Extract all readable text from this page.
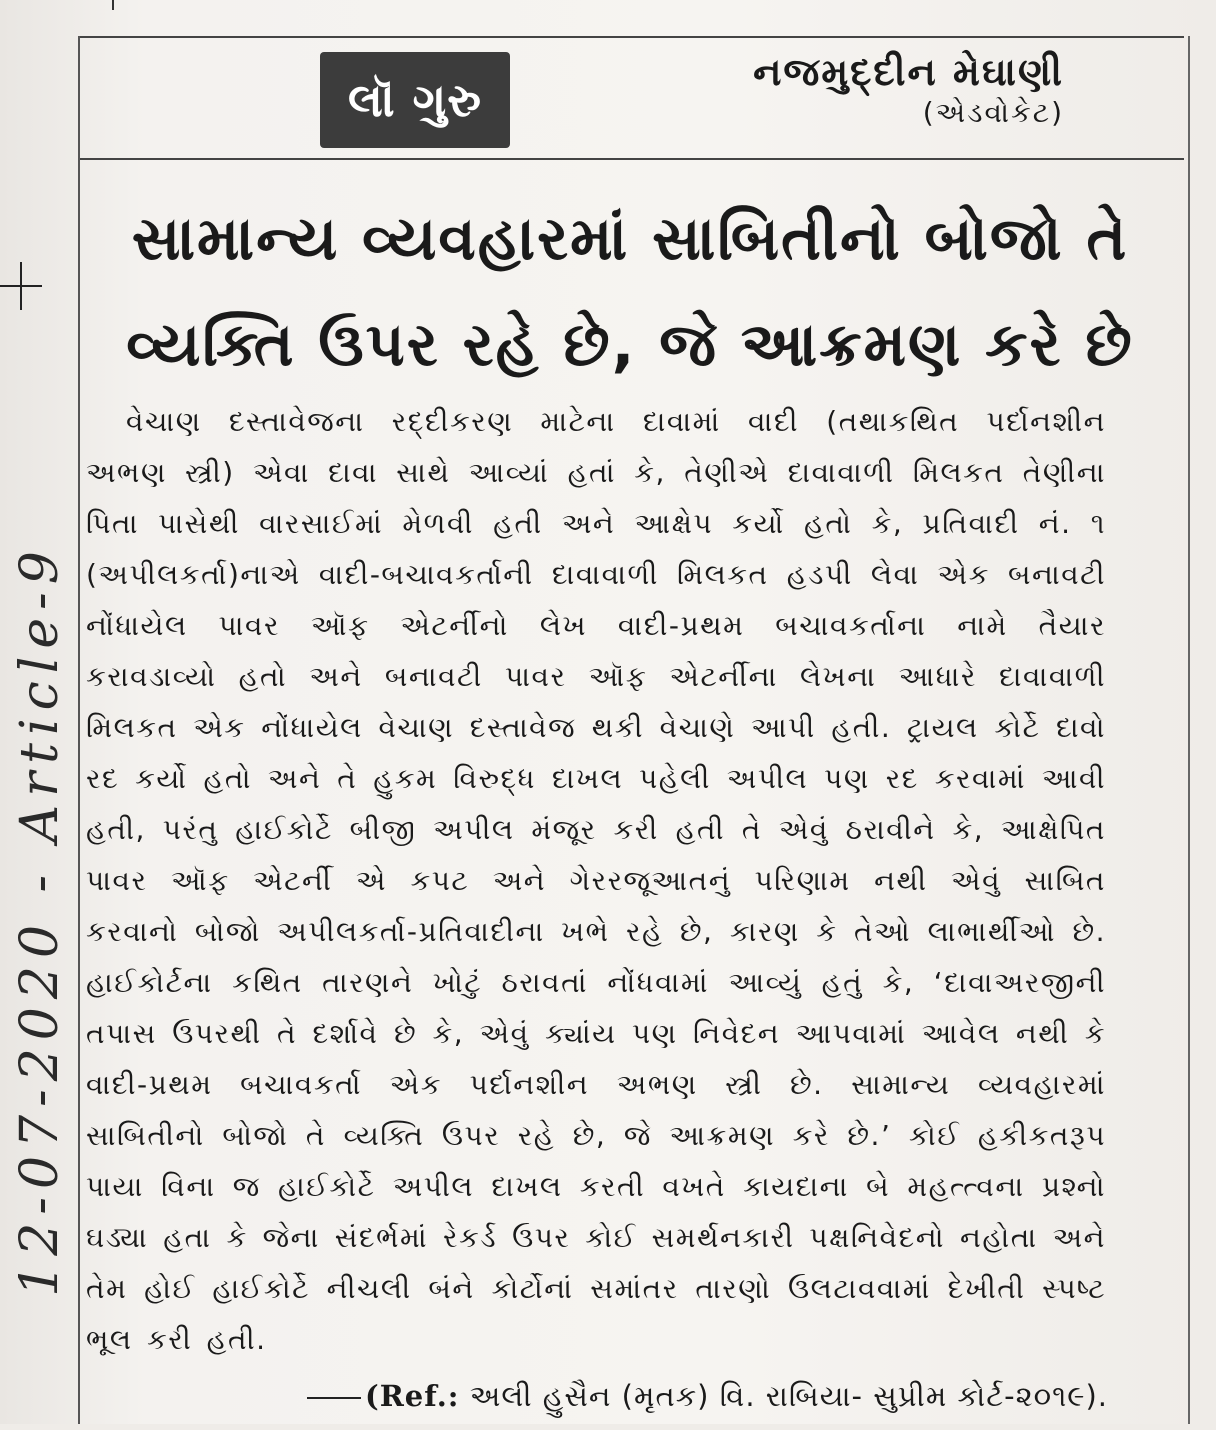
લૉ ગુરુ
નજમુદ્દીન મેઘાણી
(એડવોકેટ)
સામાન્ય વ્યવહારમાં સાબિતીનો બોજો તે
વ્યક્તિ ઉપર રહે છે, જે આક્રમણ કરે છે
વેચાણ દસ્તાવેજના રદ્દીકરણ માટેના દાવામાં વાદી (તથાકથિત પર્દાનશીન અભણ સ્ત્રી) એવા દાવા સાથે આવ્યાં હતાં કે, તેણીએ દાવાવાળી મિલકત તેણીના પિતા પાસેથી વારસાઈમાં મેળવી હતી અને આક્ષેપ કર્યો હતો કે, પ્રતિવાદી નં. ૧ (અપીલકર્તા)નાએ વાદી-બચાવકર્તાની દાવાવાળી મિલકત હડપી લેવા એક બનાવટી નોંધાયેલ પાવર ઑફ એટર્નીનો લેખ વાદી-પ્રથમ બચાવકર્તાના નામે તૈયાર કરાવડાવ્યો હતો અને બનાવટી પાવર ઑફ એટર્નીના લેખના આધારે દાવાવાળી મિલકત એક નોંધાયેલ વેચાણ દસ્તાવેજ થકી વેચાણે આપી હતી. ટ્રાયલ કોર્ટે દાવો રદ કર્યો હતો અને તે હુકમ વિરુદ્ધ દાખલ પહેલી અપીલ પણ રદ કરવામાં આવી હતી, પરંતુ હાઈકોર્ટે બીજી અપીલ મંજૂર કરી હતી તે એવું ઠરાવીને કે, આક્ષેપિત પાવર ઑફ એટર્ની એ કપટ અને ગેરરજૂઆતનું પરિણામ નથી એવું સાબિત કરવાનો બોજો અપીલકર્તા-પ્રતિવાદીના ખભે રહે છે, કારણ કે તેઓ લાભાર્થીઓ છે. હાઈકોર્ટના કથિત તારણને ખોટું ઠરાવતાં નોંધવામાં આવ્યું હતું કે, ‘દાવાઅરજીની તપાસ ઉપરથી તે દર્શાવે છે કે, એવું ક્યાંય પણ નિવેદન આપવામાં આવેલ નથી કે વાદી-પ્રથમ બચાવકર્તા એક પર્દાનશીન અભણ સ્ત્રી છે. સામાન્ય વ્યવહારમાં સાબિતીનો બોજો તે વ્યક્તિ ઉપર રહે છે, જે આક્રમણ કરે છે.’ કોઈ હકીકતરૂપ પાયા વિના જ હાઈકોર્ટે અપીલ દાખલ કરતી વખતે કાયદાના બે મહત્ત્વના પ્રશ્નો ઘડ્યા હતા કે જેના સંદર્ભમાં રેકર્ડ ઉપર કોઈ સમર્થનકારી પક્ષનિવેદનો નહોતા અને તેમ હોઈ હાઈકોર્ટે નીચલી બંને કોર્ટોનાં સમાંતર તારણો ઉલટાવવામાં દેખીતી સ્પષ્ટ ભૂલ કરી હતી.
(Ref.: અલી હુસૈન (મૃતક) વિ. રાબિયા- સુપ્રીમ કોર્ટ-૨૦૧૯).
12-07-2020 - Article-9
